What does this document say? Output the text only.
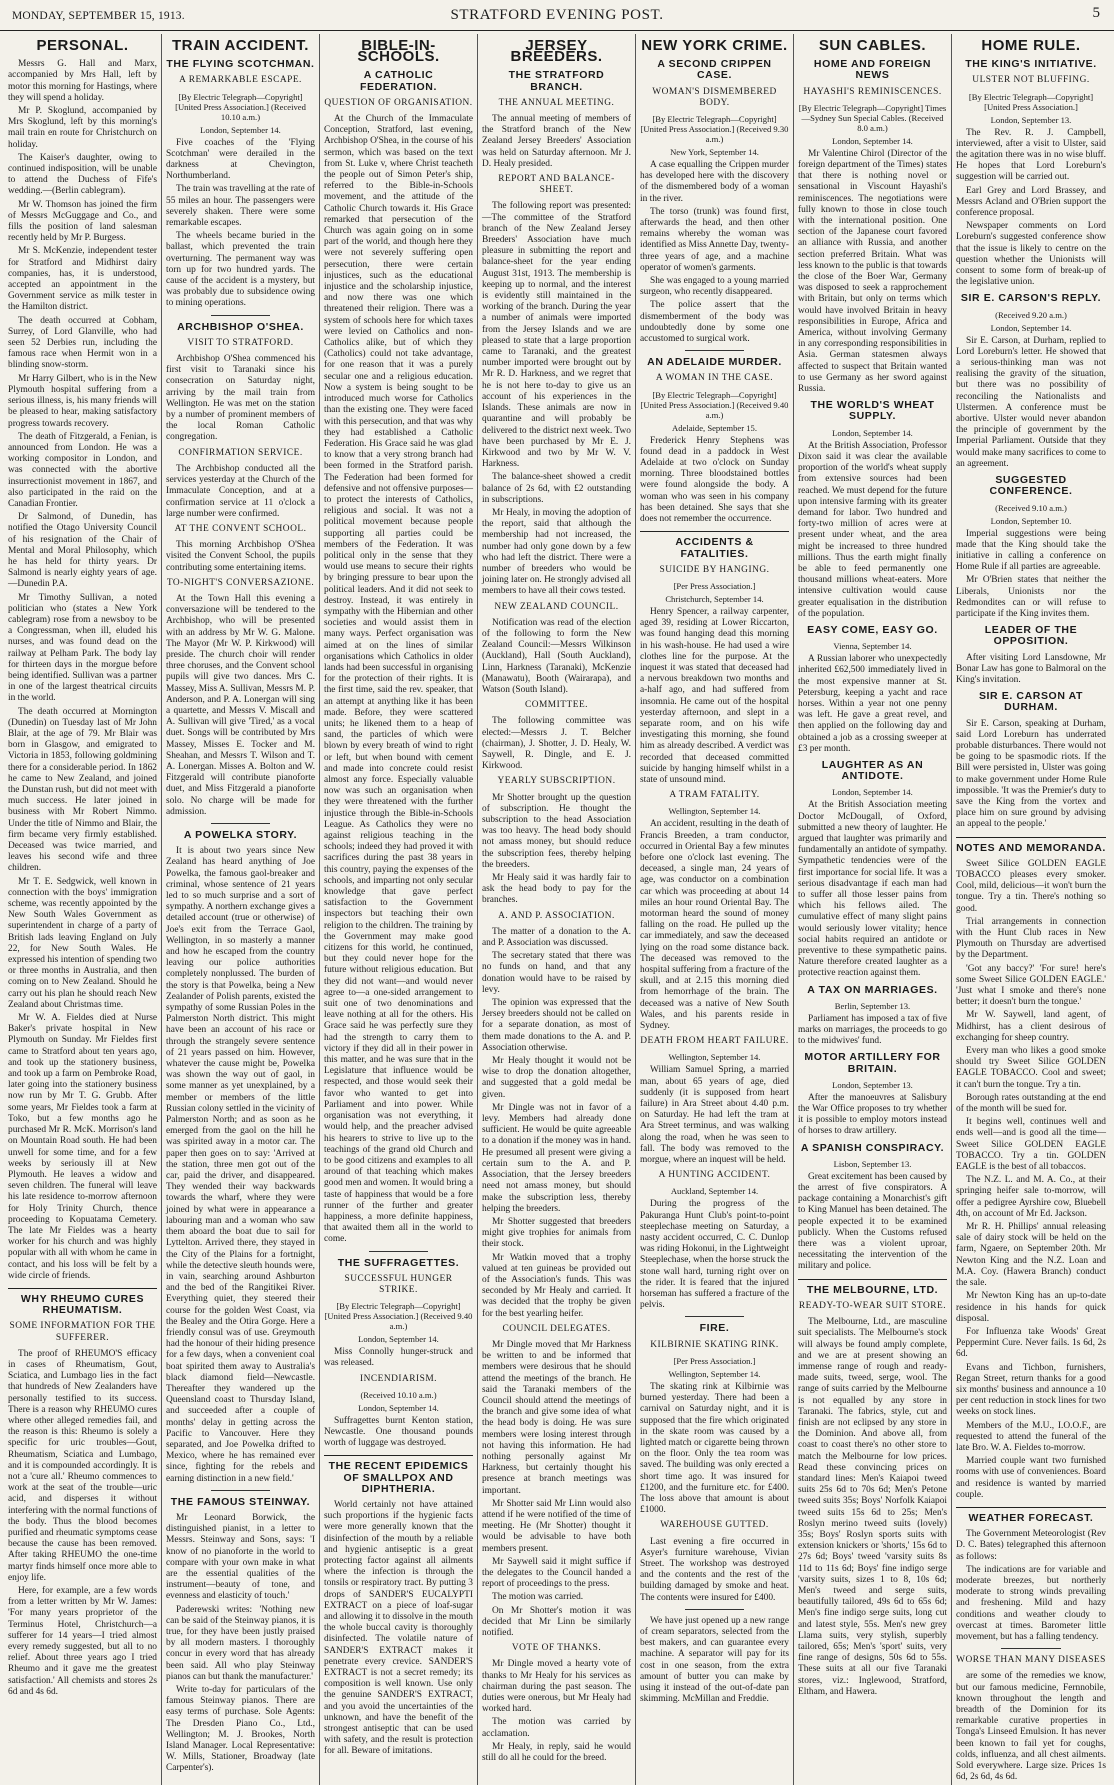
MONDAY, SEPTEMBER 15, 1913.	STRATFORD EVENING POST.	5
PERSONAL.

Messrs G. Hall and Marx, accompanied by Mrs Hall, left by motor this morning for Hastings, where they will spend a holiday.

Mr P. Skoglund, accompanied by Mrs Skoglund, left by this morning's mail train en route for Christchurch on holiday.

The Kaiser's daughter, owing to continued indisposition, will be unable to attend the Duchess of Fife's wedding.—(Berlin cablegram).

Mr W. Thomson has joined the firm of Messrs McGuggage and Co., and fills the position of land salesman recently held by Mr P. Burgess.

Mr S. McKenzie, independent tester for Stratford and Midhirst dairy companies, has, it is understood, accepted an appointment in the Government service as milk tester in the Hamilton district.

The death occurred at Cobham, Surrey, of Lord Glanville, who had seen 52 Derbies run, including the famous race when Hermit won in a blinding snow-storm.

Mr Harry Gilbert, who is in the New Plymouth hospital suffering from a serious illness, is, his many friends will be pleased to hear, making satisfactory progress towards recovery.

The death of Fitzgerald, a Fenian, is announced from London. He was a working compositor in London, and was connected with the abortive insurrectionist movement in 1867, and also participated in the raid on the Canadian Frontier.

Dr Salmond, of Dunedin, has notified the Otago University Council of his resignation of the Chair of Mental and Moral Philosophy, which he has held for thirty years. Dr Salmond is nearly eighty years of age.—Dunedin P.A.

Mr Timothy Sullivan, a noted politician who (states a New York cablegram) rose from a newsboy to be a Congressman, when ill, eluded his nurses, and was found dead on the railway at Pelham Park. The body lay for thirteen days in the morgue before being identified. Sullivan was a partner in one of the largest theatrical circuits in the world.

The death occurred at Mornington (Dunedin) on Tuesday last of Mr John Blair, at the age of 79. Mr Blair was born in Glasgow, and emigrated to Victoria in 1853, following goldmining there for a considerable period. In 1862 he came to New Zealand, and joined the Dunstan rush, but did not meet with much success. He later joined in business with Mr Robert Nimmo. Under the title of Nimmo and Blair, the firm became very firmly established. Deceased was twice married, and leaves his second wife and three children.

Mr T. E. Sedgwick, well known in connection with the boys' immigration scheme, was recently appointed by the New South Wales Government as superintendent in charge of a party of British lads leaving England on July 22, for New South Wales. He expressed his intention of spending two or three months in Australia, and then coming on to New Zealand. Should he carry out his plan he should reach New Zealand about Christmas time.

Mr W. A. Fieldes died at Nurse Baker's private hospital in New Plymouth on Sunday. Mr Fieldes first came to Stratford about ten years ago, and took up the stationery business, and took up a farm on Pembroke Road, later going into the stationery business now run by Mr T. G. Grubb. After some years, Mr Fieldes took a farm at Toko, but a few months ago he purchased Mr R. McK. Morrison's land on Mountain Road south. He had been unwell for some time, and for a few weeks by seriously ill at New Plymouth. He leaves a widow and seven children. The funeral will leave his late residence to-morrow afternoon for Holy Trinity Church, thence proceeding to Kopuatama Cemetery. The late Mr Fieldes was a hearty worker for his church and was highly popular with all with whom he came in contact, and his loss will be felt by a wide circle of friends.

WHY RHEUMO CURES RHEUMATISM.
SOME INFORMATION FOR THE SUFFERER.

The proof of RHEUMO'S efficacy in cases of Rheumatism, Gout, Sciatica, and Lumbago lies in the fact that hundreds of New Zealanders have personally testified to its success. There is a reason why RHEUMO cures where other alleged remedies fail, and the reason is this: Rheumo is solely a specific for uric troubles—Gout, Rheumatism, Sciatica and Lumbago, and it is compounded accordingly. It is not a 'cure all.' Rheumo commences to work at the seat of the trouble—uric acid, and disperses it without interfering with the normal functions of the body. Thus the blood becomes purified and rheumatic symptoms cease because the cause has been removed. After taking RHEUMO the one-time martyr finds himself once more able to enjoy life.

Here, for example, are a few words from a letter written by Mr W. James: 'For many years proprietor of the Terminus Hotel, Christchurch—a sufferer for 14 years—I tried almost every remedy suggested, but all to no relief. About three years ago I tried Rheumo and it gave me the greatest satisfaction.' All chemists and stores 2s 6d and 4s 6d.

TRAIN ACCIDENT.
THE FLYING SCOTCHMAN.
A REMARKABLE ESCAPE.
[By Electric Telegraph—Copyright] [United Press Association.] (Received 10.10 a.m.)
London, September 14.

Five coaches of the 'Flying Scotchman' were derailed in the darkness at Chevington, Northumberland.

The train was travelling at the rate of 55 miles an hour. The passengers were severely shaken. There were some remarkable escapes.

The wheels became buried in the ballast, which prevented the train overturning. The permanent way was torn up for two hundred yards. The cause of the accident is a mystery, but was probably due to subsidence owing to mining operations.

ARCHBISHOP O'SHEA.
VISIT TO STRATFORD.

Archbishop O'Shea commenced his first visit to Taranaki since his consecration on Saturday night, arriving by the mail train from Wellington. He was met on the station by a number of prominent members of the local Roman Catholic congregation.

CONFIRMATION SERVICE.

The Archbishop conducted all the services yesterday at the Church of the Immaculate Conception, and at a confirmation service at 11 o'clock a large number were confirmed.

AT THE CONVENT SCHOOL.

This morning Archbishop O'Shea visited the Convent School, the pupils contributing some entertaining items.

TO-NIGHT'S CONVERSAZIONE.

At the Town Hall this evening a conversazione will be tendered to the Archbishop, who will be presented with an address by Mr W. G. Malone. The Mayor (Mr W. P. Kirkwood) will preside. The church choir will render three choruses, and the Convent school pupils will give two dances. Mrs C. Massey, Miss A. Sullivan, Messrs M. P. Anderson, and P. A. Lonergan will sing a quartette, and Messrs V. Miscall and A. Sullivan will give 'Tired,' as a vocal duet. Songs will be contributed by Mrs Massey, Misses E. Tocker and M. Sheahan, and Messrs T. Wilson and T. A. Lonergan. Misses A. Bolton and W. Fitzgerald will contribute pianoforte duet, and Miss Fitzgerald a pianoforte solo. No charge will be made for admission.

A POWELKA STORY.

It is about two years since New Zealand has heard anything of Joe Powelka, the famous gaol-breaker and criminal, whose sentence of 21 years led to so much surprise and a sort of sympathy. A northern exchange gives a detailed account (true or otherwise) of Joe's exit from the Terrace Gaol, Wellington, in so masterly a manner and how he escaped from the country leaving our police authorities completely nonplussed. The burden of the story is that Powelka, being a New Zealander of Polish parents, existed the sympathy of some Russian Poles in the Palmerston North district. This might have been an account of his race or through the strangely severe sentence of 21 years passed on him. However, whatever the cause might be, Powelka was shown the way out of gaol, in some manner as yet unexplained, by a member or members of the little Russian colony settled in the vicinity of Palmerston North; and as soon as he emerged from the gaol on the hill he was spirited away in a motor car. The paper then goes on to say: 'Arrived at the station, three men got out of the car, paid the driver, and disappeared. They wended their way backwards towards the wharf, where they were joined by what were in appearance a labouring man and a woman who saw them aboard the boat due to sail for Lyttelton. Arrived there, they stayed in the City of the Plains for a fortnight, while the detective sleuth hounds were, in vain, searching around Ashburton and the bed of the Rangitikei River. Everything quiet, they steered their course for the golden West Coast, via the Bealey and the Otira Gorge. Here a friendly consul was of use. Greymouth had the honour of their hiding presence for a few days, when a convenient coal boat spirited them away to Australia's black diamond field—Newcastle. Thereafter they wandered up the Queensland coast to Thursday Island, and succeeded after a couple of months' delay in getting across the Pacific to Vancouver. Here they separated, and Joe Powelka drifted to Mexico, where he has remained ever since, fighting for the rebels and earning distinction in a new field.'

THE FAMOUS STEINWAY.

Mr Leonard Borwick, the distinguished pianist, in a letter to Messrs. Steinway and Sons, says: 'I know of no pianoforte in the world to compare with your own make in what are the essential qualities of the instrument—beauty of tone, and evenness and elasticity of touch.'

Paderewski writes: 'Nothing new can be said of the Steinway pianos, it is true, for they have been justly praised by all modern masters. I thoroughly concur in every word that has already been said. All who play Steinway pianos can but thank the manufacturer.'

Write to-day for particulars of the famous Steinway pianos. There are easy terms of purchase. Sole Agents: The Dresden Piano Co., Ltd., Wellington; M. J. Brookes, North Island Manager. Local Representative: W. Mills, Stationer, Broadway (late Carpenter's).

BIBLE-IN-SCHOOLS.
A CATHOLIC FEDERATION.
QUESTION OF ORGANISATION.

At the Church of the Immaculate Conception, Stratford, last evening, Archbishop O'Shea, in the course of his sermon, which was based on the text from St. Luke v, where Christ teacheth the people out of Simon Peter's ship, referred to the Bible-in-Schools movement, and the attitude of the Catholic Church towards it. His Grace remarked that persecution of the Church was again going on in some part of the world, and though here they were not severely suffering open persecution, there were certain injustices, such as the educational injustice and the scholarship injustice, and now there was one which threatened their religion. There was a system of schools here for which taxes were levied on Catholics and non-Catholics alike, but of which they (Catholics) could not take advantage, for one reason that it was a purely secular one and a religious education. Now a system is being sought to be introduced much worse for Catholics than the existing one. They were faced with this persecution, and that was why they had established a Catholic Federation. His Grace said he was glad to know that a very strong branch had been formed in the Stratford parish. The Federation had been formed for defensive and not offensive purposes—to protect the interests of Catholics, religious and social. It was not a political movement because people supporting all parties could be members of the Federation. It was political only in the sense that they would use means to secure their rights by bringing pressure to bear upon the political leaders. And it did not seek to destroy. Instead, it was entirely in sympathy with the Hibernian and other societies and would assist them in many ways. Perfect organisation was aimed at on the lines of similar organisations which Catholics in older lands had been successful in organising for the protection of their rights. It is the first time, said the rev. speaker, that an attempt at anything like it has been made. Before, they were scattered units; he likened them to a heap of sand, the particles of which were blown by every breath of wind to right or left, but when bound with cement and made into concrete could resist almost any force. Especially valuable now was such an organisation when they were threatened with the further injustice through the Bible-in-Schools League. As Catholics they were no against religious teaching in the schools; indeed they had proved it with sacrifices during the past 38 years in this country, paying the expenses of the schools, and imparting not only secular knowledge that gave perfect satisfaction to the Government inspectors but teaching their own religion to the children. The training by the Government may make good citizens for this world, he continued, but they could never hope for the future without religious education. But they did not want—and would never agree to—a one-sided arrangement to suit one of two denominations and leave nothing at all for the others. His Grace said he was perfectly sure they had the strength to carry them to victory if they did all in their power in this matter, and he was sure that in the Legislature that influence would be respected, and those would seek their favor who wanted to get into Parliament and into power. While organisation was not everything, it would help, and the preacher advised his hearers to strive to live up to the teachings of the grand old Church and to be good citizens and examples to all around of that teaching which makes good men and women. It would bring a taste of happiness that would be a fore runner of the further and greater happiness, a more definite happiness, that awaited them all in the world to come.

THE SUFFRAGETTES.
SUCCESSFUL HUNGER STRIKE.
[By Electric Telegraph—Copyright] [United Press Association.] (Received 9.40 a.m.)
London, September 14.

Miss Connolly hunger-struck and was released.

INCENDIARISM.
(Received 10.10 a.m.)
London, September 14.

Suffragettes burnt Kenton station, Newcastle. One thousand pounds worth of luggage was destroyed.

THE RECENT EPIDEMICS OF SMALLPOX AND DIPHTHERIA.

World certainly not have attained such proportions if the hygienic facts were more generally known that the disinfection of the mouth by a reliable and hygienic antiseptic is a great protecting factor against all ailments where the infection is through the tonsils or respiratory tract. By putting 3 drops of SANDER'S EUCALYPTI EXTRACT on a piece of loaf-sugar and allowing it to dissolve in the mouth the whole buccal cavity is thoroughly disinfected. The volatile nature of SANDER'S EXTRACT makes it penetrate every crevice. SANDER'S EXTRACT is not a secret remedy; its composition is well known. Use only the genuine SANDER'S EXTRACT, and you avoid the uncertainties of the unknown, and have the benefit of the strongest antiseptic that can be used with safety, and the result is protection for all. Beware of imitations.

JERSEY BREEDERS.
THE STRATFORD BRANCH.
THE ANNUAL MEETING.

The annual meeting of members of the Stratford branch of the New Zealand Jersey Breeders' Association was held on Saturday afternoon. Mr J. D. Healy presided.

REPORT AND BALANCE-SHEET.

The following report was presented:—The committee of the Stratford branch of the New Zealand Jersey Breeders' Association have much pleasure in submitting the report and balance-sheet for the year ending August 31st, 1913. The membership is keeping up to normal, and the interest is evidently still maintained in the working of the branch. During the year a number of animals were imported from the Jersey Islands and we are pleased to state that a large proportion came to Taranaki, and the greatest number imported were brought out by Mr R. D. Harkness, and we regret that he is not here to-day to give us an account of his experiences in the Islands. These animals are now in quarantine and will probably be delivered to the district next week. Two have been purchased by Mr E. J. Kirkwood and two by Mr W. V. Harkness.

The balance-sheet showed a credit balance of 2s 6d, with £2 outstanding in subscriptions.

Mr Healy, in moving the adoption of the report, said that although the membership had not increased, the number had only gone down by a few who had left the district. There were a number of breeders who would be joining later on. He strongly advised all members to have all their cows tested.

NEW ZEALAND COUNCIL.

Notification was read of the election of the following to form the New Zealand Council:—Messrs Wilkinson (Auckland), Hall (South Auckland), Linn, Harkness (Taranaki), McKenzie (Manawatu), Booth (Wairarapa), and Watson (South Island).

COMMITTEE.

The following committee was elected:—Messrs J. T. Belcher (chairman), J. Shotter, J. D. Healy, W. Saywell, R. Dingle, and E. J. Kirkwood.

YEARLY SUBSCRIPTION.

Mr Shotter brought up the question of subscription. He thought the subscription to the head Association was too heavy. The head body should not amass money, but should reduce the subscription fees, thereby helping the breeders.

Mr Healy said it was hardly fair to ask the head body to pay for the branches.

A. AND P. ASSOCIATION.

The matter of a donation to the A. and P. Association was discussed.

The secretary stated that there was no funds on hand, and that any donation would have to be raised by levy.

The opinion was expressed that the Jersey breeders should not be called on for a separate donation, as most of them made donations to the A. and P. Association otherwise.

Mr Healy thought it would not be wise to drop the donation altogether, and suggested that a gold medal be given.

Mr Dingle was not in favor of a levy. Members had already done sufficient. He would be quite agreeable to a donation if the money was in hand. He presumed all present were giving a certain sum to the A. and P. Association, that the Jersey breeders need not amass money, but should make the subscription less, thereby helping the breeders.

Mr Shotter suggested that breeders might give trophies for animals from their stock.

Mr Watkin moved that a trophy valued at ten guineas be provided out of the Association's funds. This was seconded by Mr Healy and carried. It was decided that the trophy be given for the best yearling heifer.

COUNCIL DELEGATES.

Mr Dingle moved that Mr Harkness be written to and be informed that members were desirous that he should attend the meetings of the branch. He said the Taranaki members of the Council should attend the meetings of the branch and give some idea of what the head body is doing. He was sure members were losing interest through not having this information. He had nothing personally against Mr Harkness, but certainly thought his presence at branch meetings was important.

Mr Shotter said Mr Linn would also attend if he were notified of the time of meeting. He (Mr Shotter) thought it would be advisable to have both members present.

Mr Saywell said it might suffice if the delegates to the Council handed a report of proceedings to the press.

The motion was carried.

On Mr Shotter's motion it was decided that Mr Linn be similarly notified.

VOTE OF THANKS.

Mr Dingle moved a hearty vote of thanks to Mr Healy for his services as chairman during the past season. The duties were onerous, but Mr Healy had worked hard.

The motion was carried by acclamation.

Mr Healy, in reply, said he would still do all he could for the breed.

NEW YORK CRIME.
A SECOND CRIPPEN CASE.
WOMAN'S DISMEMBERED BODY.
[By Electric Telegraph—Copyright] [United Press Association.] (Received 9.30 a.m.)
New York, September 14.

A case equalling the Crippen murder has developed here with the discovery of the dismembered body of a woman in the river.

The torso (trunk) was found first, afterwards the head, and then other remains whereby the woman was identified as Miss Annette Day, twenty-three years of age, and a machine operator of women's garments.

She was engaged to a young married surgeon, who recently disappeared.

The police assert that the dismemberment of the body was undoubtedly done by some one accustomed to surgical work.

AN ADELAIDE MURDER.
A WOMAN IN THE CASE.
[By Electric Telegraph—Copyright] [United Press Association.] (Received 9.40 a.m.)
Adelaide, September 15.

Frederick Henry Stephens was found dead in a paddock in West Adelaide at two o'clock on Sunday morning. Three bloodstained bottles were found alongside the body. A woman who was seen in his company has been detained. She says that she does not remember the occurrence.

ACCIDENTS & FATALITIES.
SUICIDE BY HANGING.
[Per Press Association.]
Christchurch, September 14.

Henry Spencer, a railway carpenter, aged 39, residing at Lower Riccarton, was found hanging dead this morning in his wash-house. He had used a wire clothes line for the purpose. At the inquest it was stated that deceased had a nervous breakdown two months and a-half ago, and had suffered from insomnia. He came out of the hospital yesterday afternoon, and slept in a separate room, and on his wife investigating this morning, she found him as already described. A verdict was recorded that deceased committed suicide by hanging himself whilst in a state of unsound mind.

A TRAM FATALITY.
Wellington, September 14.

An accident, resulting in the death of Francis Breeden, a tram conductor, occurred in Oriental Bay a few minutes before one o'clock last evening. The deceased, a single man, 24 years of age, was conductor on a combination car which was proceeding at about 14 miles an hour round Oriental Bay. The motorman heard the sound of money falling on the road. He pulled up the car immediately, and saw the deceased lying on the road some distance back. The deceased was removed to the hospital suffering from a fracture of the skull, and at 2.15 this morning died from hemorrhage of the brain. The deceased was a native of New South Wales, and his parents reside in Sydney.

DEATH FROM HEART FAILURE.
Wellington, September 14.

William Samuel Spring, a married man, about 65 years of age, died suddenly (it is supposed from heart failure) in Ara Street about 4.40 p.m. on Saturday. He had left the tram at Ara Street terminus, and was walking along the road, when he was seen to fall. The body was removed to the morgue, where an inquest will be held.

A HUNTING ACCIDENT.
Auckland, September 14.

During the progress of the Pakuranga Hunt Club's point-to-point steeplechase meeting on Saturday, a nasty accident occurred, C. C. Dunlop was riding Hokonui, in the Lightweight Steeplechase, when the horse struck the stone wall hard, turning right over on the rider. It is feared that the injured horseman has suffered a fracture of the pelvis.

FIRE.
KILBIRNIE SKATING RINK.
[Per Press Association.]
Wellington, September 14.

The skating rink at Kilbirnie was burned yesterday. There had been a carnival on Saturday night, and it is supposed that the fire which originated in the skate room was caused by a lighted match or cigarette being thrown on the floor. Only the tea room was saved. The building was only erected a short time ago. It was insured for £1200, and the furniture etc. for £400. The loss above that amount is about £1000.

WAREHOUSE GUTTED.

Last evening a fire occurred in Asyer's furniture warehouse, Vivian Street. The workshop was destroyed and the contents and the rest of the building damaged by smoke and heat. The contents were insured for £400.

We have just opened up a new range of cream separators, selected from the best makers, and can guarantee every machine. A separator will pay for its cost in one season, from the extra amount of butter you can make by using it instead of the out-of-date pan skimming. McMillan and Freddie.

SUN CABLES.
HOME AND FOREIGN NEWS
HAYASHI'S REMINISCENCES.
[By Electric Telegraph—Copyright] Times—Sydney Sun Special Cables. (Received 8.0 a.m.)
London, September 14.

Mr Valentine Chirol (Director of the foreign department of the Times) states that there is nothing novel or sensational in Viscount Hayashi's reminiscences. The negotiations were fully known to those in close touch with the international position. One section of the Japanese court favored an alliance with Russia, and another section preferred Britain. What was less known to the public is that towards the close of the Boer War, Germany was disposed to seek a rapprochement with Britain, but only on terms which would have involved Britain in heavy responsibilities in Europe, Africa and America, without involving Germany in any corresponding responsibilities in Asia. German statesmen always affected to suspect that Britain wanted to use Germany as her sword against Russia.

THE WORLD'S WHEAT SUPPLY.
London, September 14.

At the British Association, Professor Dixon said it was clear the available proportion of the world's wheat supply from extensive sources had been reached. We must depend for the future upon intensive farming with its greater demand for labor. Two hundred and forty-two million of acres were at present under wheat, and the area might be increased to three hundred millions. Thus the earth might finally be able to feed permanently one thousand millions wheat-eaters. More intensive cultivation would cause greater equalisation in the distribution of the population.

EASY COME, EASY GO.
Vienna, September 14.

A Russian laborer who unexpectedly inherited £62,500 immediately lived in the most expensive manner at St. Petersburg, keeping a yacht and race horses. Within a year not one penny was left. He gave a great revel, and then applied on the following day and obtained a job as a crossing sweeper at £3 per month.

LAUGHTER AS AN ANTIDOTE.
London, September 14.

At the British Association meeting Doctor McDougall, of Oxford, submitted a new theory of laughter. He argued that laughter was primarily and fundamentally an antidote of sympathy. Sympathetic tendencies were of the first importance for social life. It was a serious disadvantage if each man had to suffer all those lesser pains from which his fellows ailed. The cumulative effect of many slight pains would seriously lower vitality; hence social habits required an antidote or preventive to these sympathetic pains. Nature therefore created laughter as a protective reaction against them.

A TAX ON MARRIAGES.
Berlin, September 13.

Parliament has imposed a tax of five marks on marriages, the proceeds to go to the midwives' fund.

MOTOR ARTILLERY FOR BRITAIN.
London, September 13.

After the manoeuvres at Salisbury the War Office proposes to try whether it is possible to employ motors instead of horses to draw artillery.

A SPANISH CONSPIRACY.
Lisbon, September 13.

Great excitement has been caused by the arrest of five conspirators. A package containing a Monarchist's gift to King Manuel has been detained. The people expected it to be examined publicly. When the Customs refused there was a violent uproar, necessitating the intervention of the military and police.

THE MELBOURNE, LTD.
READY-TO-WEAR SUIT STORE.

The Melbourne, Ltd., are masculine suit specialists. The Melbourne's stock will always be found amply complete, and we are at present showing an immense range of rough and ready-made suits, tweed, serge, wool. The range of suits carried by the Melbourne is not equalled by any store in Taranaki. The fabrics, style, cut and finish are not eclipsed by any store in the Dominion. And above all, from coast to coast there's no other store to match the Melbourne for low prices. Read these convincing prices on standard lines: Men's Kaiapoi tweed suits 25s 6d to 70s 6d; Men's Petone tweed suits 35s; Boys' Norfolk Kaiapoi tweed suits 15s 6d to 25s; Men's Roslyn merino tweed suits (lovely) 35s; Boys' Roslyn sports suits with extension knickers or 'shorts,' 15s 6d to 27s 6d; Boys' tweed 'varsity suits 8s 11d to 11s 6d; Boys' fine indigo serge 'varsity suits, sizes 1 to 8, 10s 6d; Men's tweed and serge suits, beautifully tailored, 49s 6d to 65s 6d; Men's fine indigo serge suits, long cut and latest style, 55s. Men's new grey Llama suits, very stylish, superbly tailored, 65s; Men's 'sport' suits, very fine range of designs, 50s 6d to 55s. These suits at all our five Taranaki stores, viz.: Inglewood, Stratford, Eltham, and Hawera.

HOME RULE.
THE KING'S INITIATIVE.
ULSTER NOT BLUFFING.
[By Electric Telegraph—Copyright] [United Press Association.]
London, September 13.

The Rev. R. J. Campbell, interviewed, after a visit to Ulster, said the agitation there was in no wise bluff. He hopes that Lord Loreburn's suggestion will be carried out.

Earl Grey and Lord Brassey, and Messrs Acland and O'Brien support the conference proposal.

Newspaper comments on Lord Loreburn's suggested conference show that the issue is likely to centre on the question whether the Unionists will consent to some form of break-up of the legislative union.

SIR E. CARSON'S REPLY.
(Received 9.20 a.m.)
London, September 14.

Sir E. Carson, at Durham, replied to Lord Loreburn's letter. He showed that a serious-thinking man was not realising the gravity of the situation, but there was no possibility of reconciling the Nationalists and Ulstermen. A conference must be abortive. Ulster would never abandon the principle of government by the Imperial Parliament. Outside that they would make many sacrifices to come to an agreement.

SUGGESTED CONFERENCE.
(Received 9.10 a.m.)
London, September 10.

Imperial suggestions were being made that the King should take the initiative in calling a conference on Home Rule if all parties are agreeable.

Mr O'Brien states that neither the Liberals, Unionists nor the Redmondites can or will refuse to participate if the King invites them.

LEADER OF THE OPPOSITION.

After visiting Lord Lansdowne, Mr Bonar Law has gone to Balmoral on the King's invitation.

SIR E. CARSON AT DURHAM.

Sir E. Carson, speaking at Durham, said Lord Loreburn has underrated probable disturbances. There would not be going to be spasmodic riots. If the Bill were persisted in, Ulster was going to make government under Home Rule impossible. 'It was the Premier's duty to save the King from the vortex and place him on sure ground by advising an appeal to the people.'

NOTES AND MEMORANDA.

Sweet Silice GOLDEN EAGLE TOBACCO pleases every smoker. Cool, mild, delicious—it won't burn the tongue. Try a tin. There's nothing so good.

Trial arrangements in connection with the Hunt Club races in New Plymouth on Thursday are advertised by the Department.

'Got any baccy?' 'For sure! here's some Sweet Silice GOLDEN EAGLE.' 'Just what I smoke and there's none better; it doesn't burn the tongue.'

Mr W. Saywell, land agent, of Midhirst, has a client desirous of exchanging for sheep country.

Every man who likes a good smoke should try Sweet Silice GOLDEN EAGLE TOBACCO. Cool and sweet; it can't burn the tongue. Try a tin.

Borough rates outstanding at the end of the month will be sued for.

It begins well, continues well and ends well—and is good all the time—Sweet Silice GOLDEN EAGLE TOBACCO. Try a tin. GOLDEN EAGLE is the best of all tobaccos.

The N.Z. L. and M. A. Co., at their springing heifer sale to-morrow, will offer a pedigree Ayrshire cow, Bluebell 4th, on account of Mr Ed. Jackson.

Mr R. H. Phillips' annual releasing sale of dairy stock will be held on the farm, Ngaere, on September 20th. Mr Newton King and the N.Z. Loan and M.A. Coy. (Hawera Branch) conduct the sale.

Mr Newton King has an up-to-date residence in his hands for quick disposal.

For Influenza take Woods' Great Peppermint Cure. Never fails. 1s 6d, 2s 6d.

Evans and Tichbon, furnishers, Regan Street, return thanks for a good six months' business and announce a 10 per cent reduction in stock lines for two weeks on stock lines.

Members of the M.U., I.O.O.F., are requested to attend the funeral of the late Bro. W. A. Fieldes to-morrow.

Married couple want two furnished rooms with use of conveniences. Board and residence is wanted by married couple.

WEATHER FORECAST.

The Government Meteorologist (Rev D. C. Bates) telegraphed this afternoon as follows:

The indications are for variable and moderate breezes, but northerly moderate to strong winds prevailing and freshening. Mild and hazy conditions and weather cloudy to overcast at times. Barometer little movement, but has a falling tendency.

WORSE THAN MANY DISEASES

are some of the remedies we know, but our famous medicine, Fernnobile, known throughout the length and breadth of the Dominion for its remarkable curative properties in Tonga's Linseed Emulsion. It has never been known to fail yet for coughs, colds, influenza, and all chest ailments. Sold everywhere. Large size. Prices 1s 6d, 2s 6d, 4s 6d.
